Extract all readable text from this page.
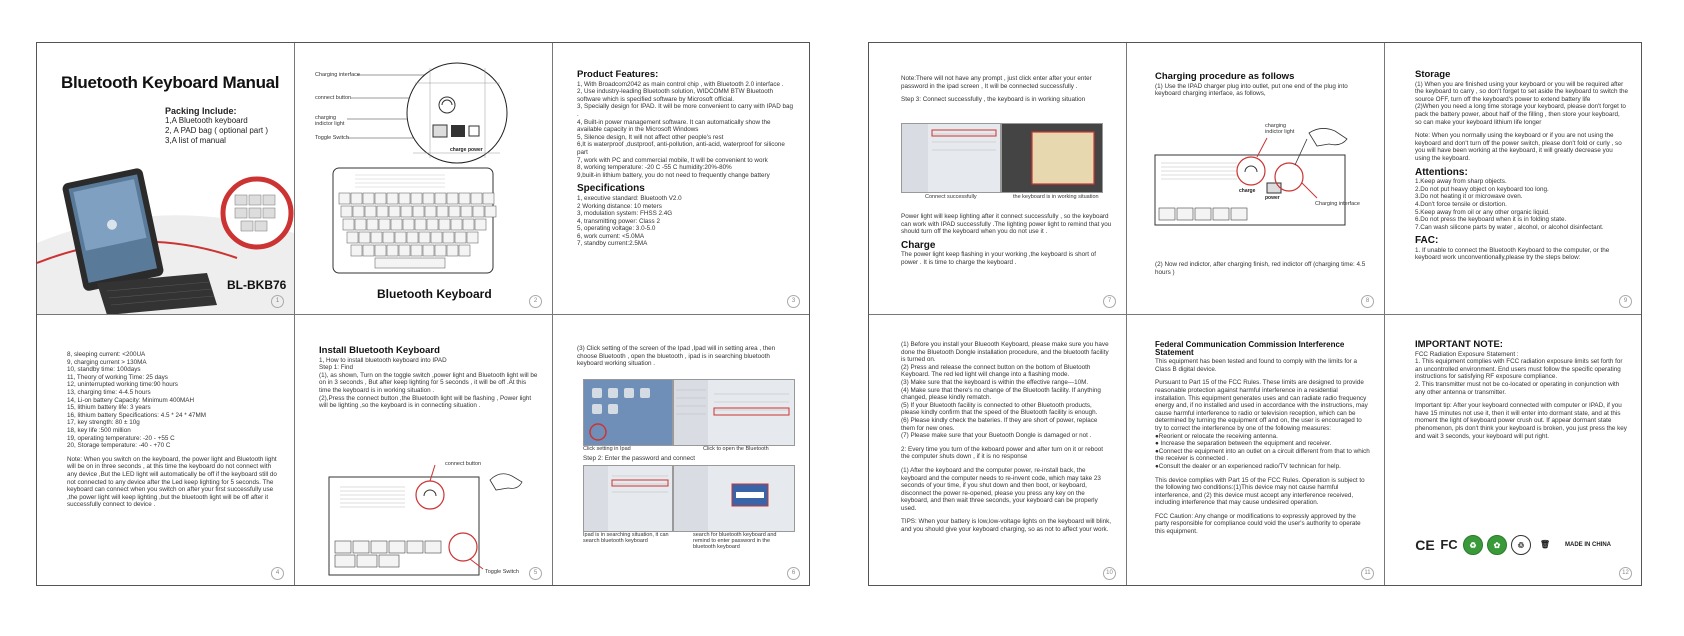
Bluetooth Keyboard Manual
Packing Include:
1,A Bluetooth keyboard
2, A PAD bag ( optional part )
3,A list of manual
BL-BKB76
1
Charging interface
connect button
charging indictor light
Toggle Switch
charge power
Bluetooth Keyboard	2
Product Features:
1, With Broadcom2042 as main control chip , with Bluetooth 2.0 interface .
2, Use industry-leading Bluetooth solution, WIDCOMM BTW Bluetooth software which is specified software by Microsoft official.
3, Specially design for IPAD. It will be more convenient to carry with IPAD bag .
4, Built-in power management software. It can automatically show the available capacity in the Microsoft Windows
5, Silence design, It will not affect other people's rest
6,It is waterproof ,dustproof, anti-pollution, anti-acid, waterproof for silicone part
7, work with PC and commercial mobile, It will be convenient to work
8, working temperature: -20 C -55 C humidity:20%-80%
9,built-in lithium battery, you do not need to frequently change battery
Specifications
1, executive standard: Bluetooth V2.0
2 Working distance: 10 meters
3, modulation system: FHSS 2.4G
4, transmitting power: Class 2
5, operating voltage: 3.0-5.0
6, work current: <5.0MA
7, standby current:2.5MA
3
8, sleeping current: <200UA
9, charging current > 130MA
10, standby time: 100days
11, Theory of working Time: 25 days
12, uninterrupted working time:90 hours
13, charging time: 4-4.5 hours
14, Li-on battery Capacity: Minimum 400MAH
15, lithium battery life: 3 years
16, lithium battery Specifications: 4.5 * 24 * 47MM
17, key strength: 80 ± 10g
18, key life :500 million
19, operating temperature: -20 - +55 C
20, Storage temperature: -40 - +70 C
Note: When you switch on the keyboard, the power light and Bluetooth light will be on in three seconds , at this time the keyboard do not connect with any device ,But the LED light will automatically be off if the keyboard still do not connected to any device after the Led keep lighting for 5 seconds. The keyboard can connect when you switch on after your first successfully use ,the power light will keep lighting ,but the bluetooth light will be off after it successfully connect to device .
4
Install Bluetooth Keyboard
1, How to install bluetooth keyboard into IPAD
Step 1: Find
(1), as shown, Turn on the toggle switch ,power light and Bluetooth light will be on in 3 seconds , But after keep lighting for 5 seconds , it will be off .At this time the keyboard is in working situation .
(2),Press the connect button ,the Bluetooth light will be flashing , Power light will be lighting ,so the keyboard is in connecting situation .
connect button
Toggle Switch	5
(3) Click setting of the screen of the Ipad ,Ipad will in setting area , then choose Bluetooth , open the bluetooth , ipad is in searching bluetooth keyboard working situation .
Click setting in Ipad	Click to open the Bluetooth
Step 2: Enter the password and connect
Ipad is in searching situation, it can search bluetooth keyboard
search for bluetooth keyboard and remind to enter password in the bluetooth keyboard
6
Note:There will not have any prompt , just click enter after your enter password in the ipad screen , It will be connected successfully .
Step 3: Connect successfully , the keyboard is in working situation
Connect successfully	the keyboard is in working situation
Power light will keep lighting after it connect successfully , so the keyboard can work with IPAD successfully .The lighting power light to remind that you should turn off the keyboard when you do not use it .
Charge
The power light keep flashing in your working ,the keyboard is short of power . It is time to charge the keyboard .
7
Charging procedure as follows
(1) Use the IPAD charger plug into outlet, put one end of the plug into keyboard charging interface, as follows,
charging indictor light
Charging interface
charge
power
(2) Now red indictor, after charging finish, red indictor off (charging time: 4.5 hours )
8
Storage
(1) When you are finished using your keyboard or you will be required after the keyboard to carry , so don't forget to set aside the keyboard to switch the source OFF, turn off the keyboard's power to extend battery life
(2)When you need a long time storage your keyboard, please don't forget to pack the battery power, about half of the filling , then store your keyboard, so can make your keyboard lithium life longer
Note: When you normally using the keyboard or if you are not using the keyboard and don't turn off the power switch, please don't fold or curly , so you will have been working at the keyboard, it will greatly decrease you using the keyboard.
Attentions:
1.Keep away from sharp objects.
2.Do not put heavy object on keyboard too long.
3.Do not heating it or microwave oven.
4.Don't force tensile or distortion.
5.Keep away from oil or any other organic liquid.
6.Do not press the keyboard when it is in folding state.
7.Can wash silicone parts by water , alcohol, or alcohol disinfectant.
FAC:
1. If unable to connect the Bluetooth Keyboard to the computer, or the keyboard work unconventionally,please try the steps below:
9
(1) Before you install your Blueooth Keyboard, please make sure you have done the Bluetooth Dongle installation procedure, and the bluetooth facility is turned on.
(2) Press and release the connect button on the bottom of Bluetooth Keyboard. The red led light will change into a flashing mode.
(3) Make sure that the keyboard is within the effective range---10M.
(4) Make sure that there's no change of the Bluetooth facility. If anything changed, please kindly rematch.
(5) If your Bluetooth facility is connected to other Bluetooth products, please kindly confirm that the speed of the Bluetooth facility is enough.
(6) Please kindly check the bateries. If they are short of power, replace them for new ones.
(7) Please make sure that your Buetooth Dongle is damaged or not .
2: Every time you turn of the keboard power and after turn on it or reboot the computer shuts down , if it is no response
(1) After the keyboard and the computer power, re-install back, the keyboard and the computer needs to re-invent code, which may take 23 seconds of your time, if you shut down and then boot, or keyboard, disconnect the power re-opened, please you press any key on the keyboard, and then wait three seconds, your keyboard can be properly used.
TIPS: When your battery is low,low-voltage lights on the keyboard will blink, and you should give your keyboard charging, so as not to affect your work.
10
Federal Communication Commission Interference Statement
This equipment has been tested and found to comply with the limits for a Class B digital device.
Pursuant to Part 15 of the FCC Rules. These limits are designed to provide reasonable protection against harmful interference in a residential installation. This equipment generates uses and can radiate radio frequency energy and, if no installed and used in accordance with the instructions, may cause harmful interference to radio or television reception, which can be determined by turning the equipment off and on, the user is encouraged to try to correct the interference by one of the following measures:
●Reorient or relocate the receiving antenna.
● Increase the separation between the equipment and receiver.
●Connect the equipment into an outlet on a circuit different from that to which the receiver is connected .
●Consult the dealer or an experienced radio/TV technican for help.
This device complies with Part 15 of the FCC Rules. Operation is subject to the following two conditions:(1)This device may not cause harmful interference, and (2) this device must accept any interference received, including interference that may cause undesired operation.
FCC Caution: Any change or modifications to expressly approved by the party responsible for compliance could void the user's authority to operate this equipment.
11
IMPORTANT NOTE:
FCC Radiation Exposure Statement :
1. This equipment complies with FCC radiation exposure limits set forth for an uncontrolled environment. End users must follow the specific operating instructions for satisfying RF exposure compliance.
2. This transmitter must not be co-located or operating in conjunction with any other antenna or transmitter.
Important tip: After your keyboard connected with computer or IPAD, if you have 15 minutes not use it, then it will enter into dormant state, and at this moment the light of keyboard power crush out. If appear dormant state phenomenon, pls don't think your keyboard is broken, you just press the key and wait 3 seconds, your keyboard will put right.
CE FC	♻	✿	♲	🗑	MADE IN CHINA
12
